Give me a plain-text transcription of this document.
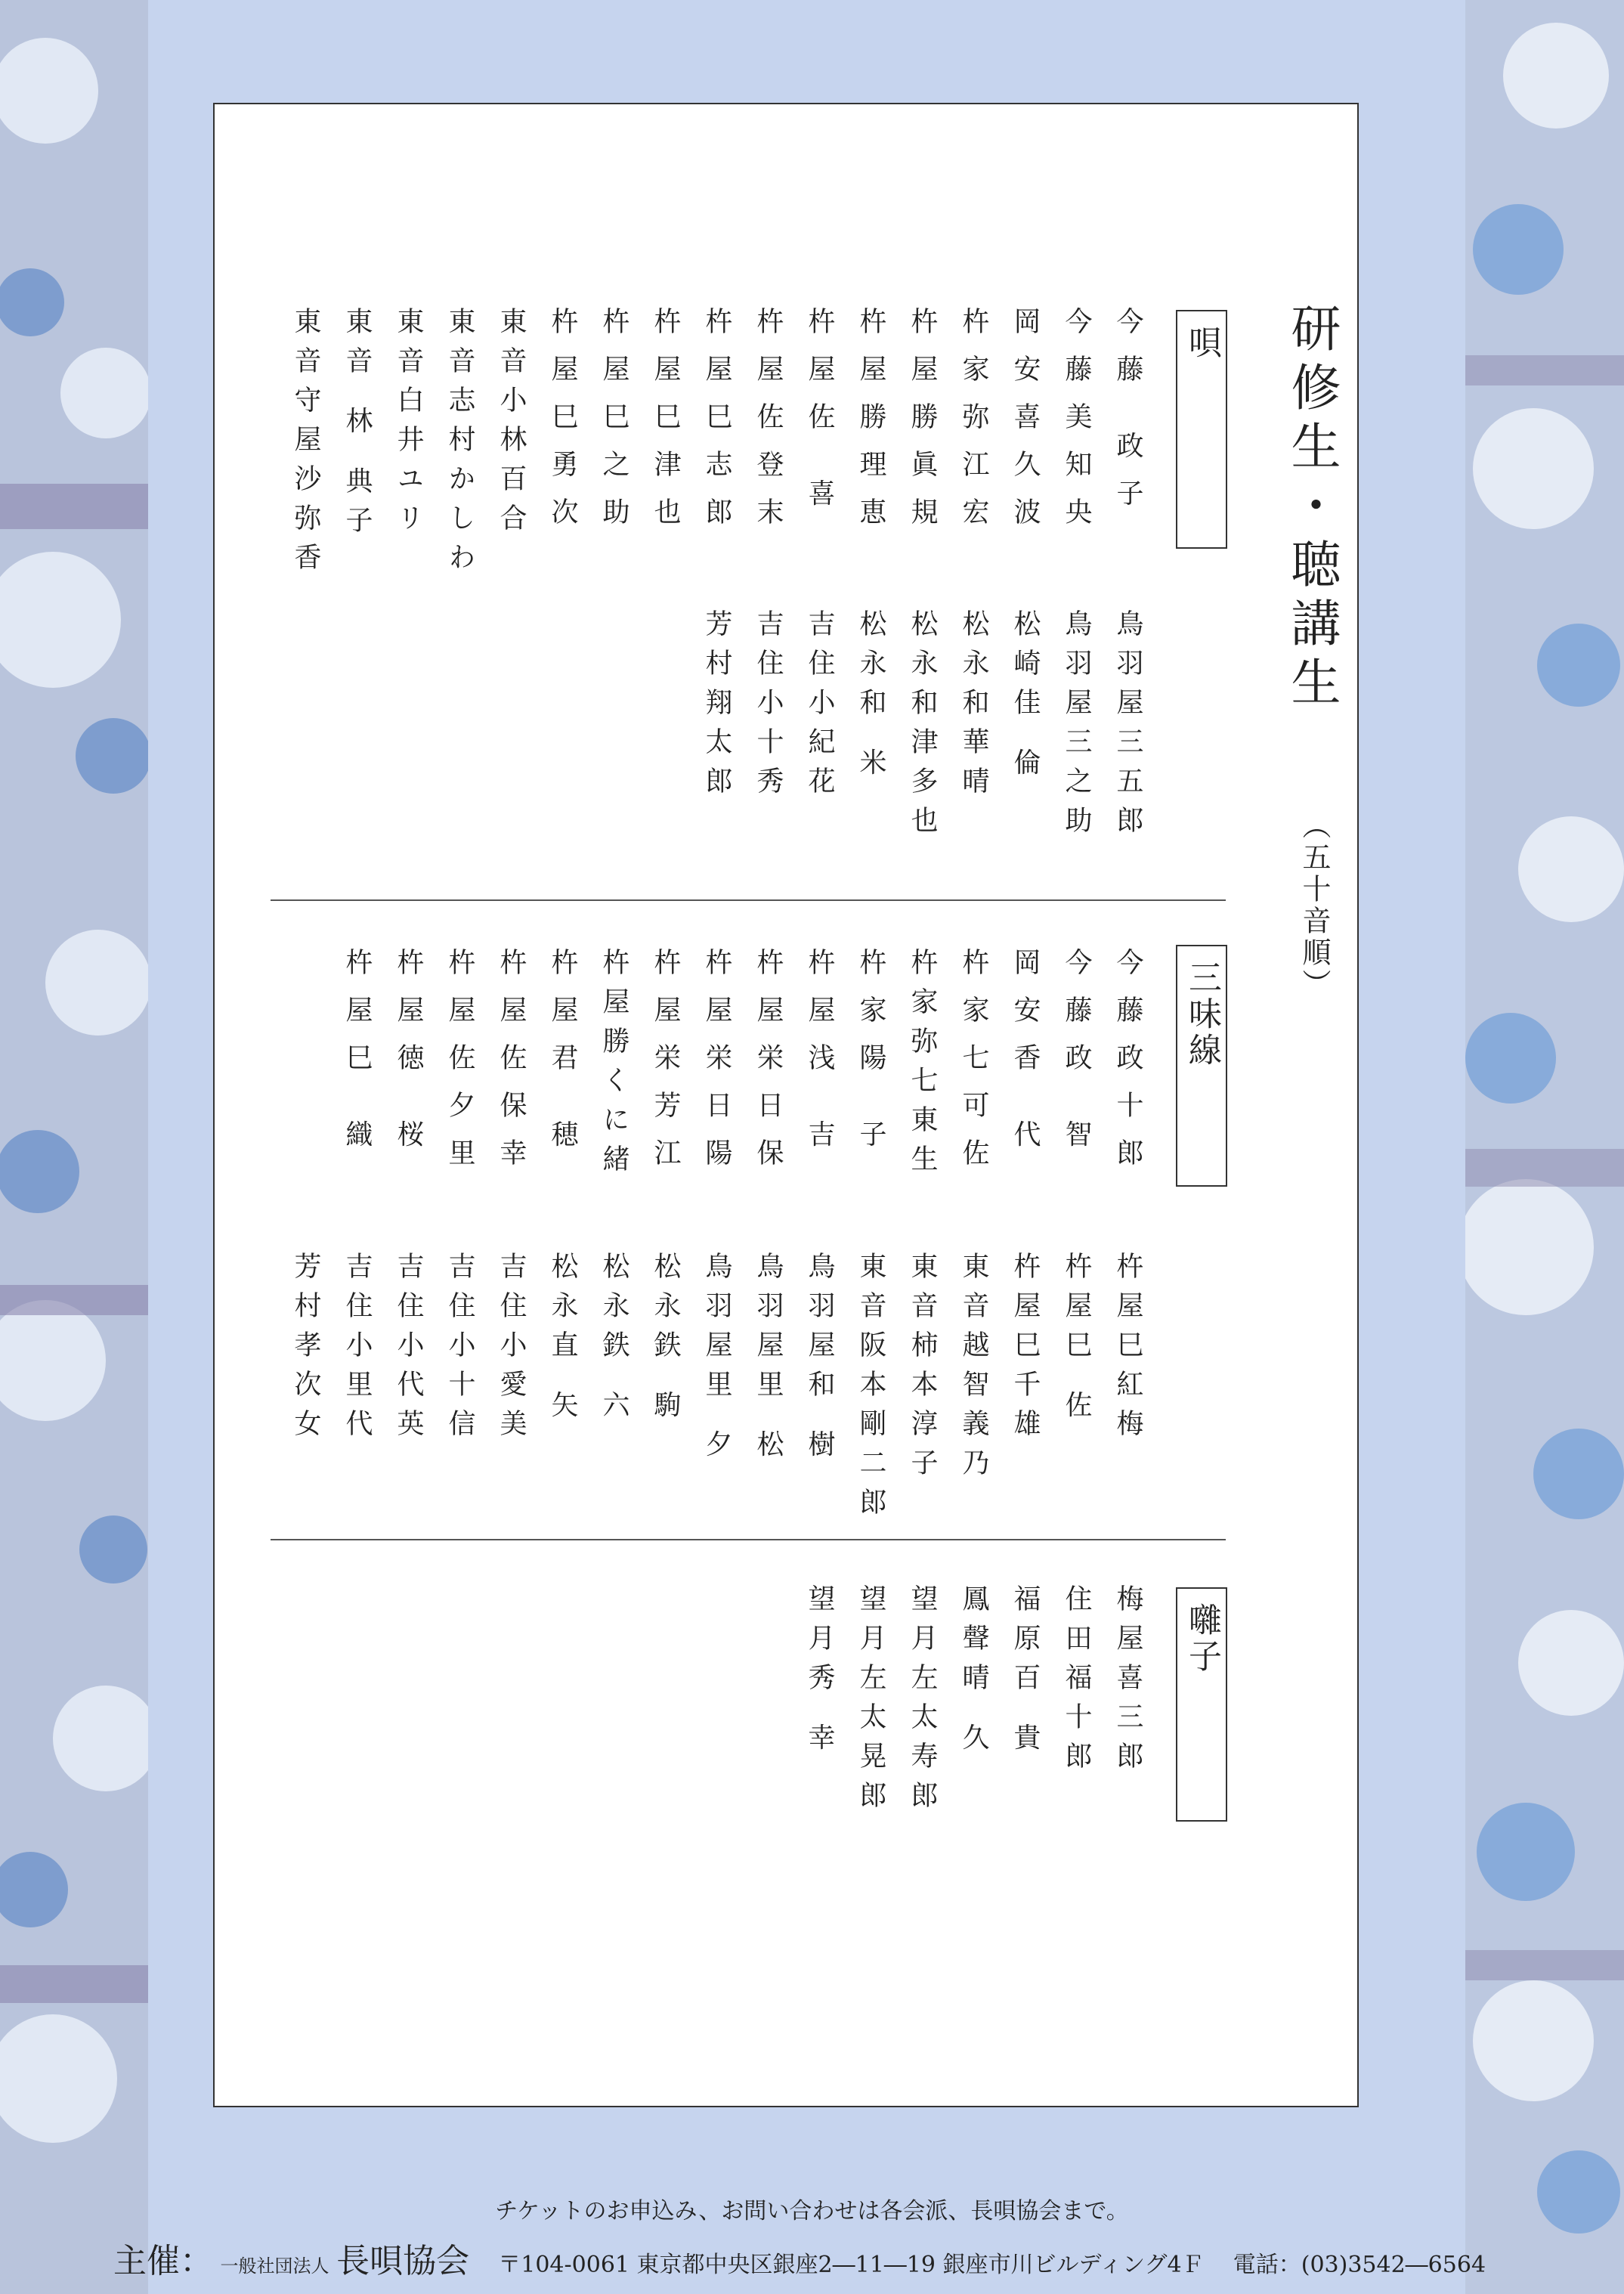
研修生・聴講生
（五十音順）
唄
三味線
囃子
今藤 政子
今藤美知央
岡安喜久波
杵家弥江宏
杵屋勝眞規
杵屋勝理恵
杵屋佐 喜
杵屋佐登末
杵屋巳志郎
杵屋巳津也
杵屋巳之助
杵屋巳勇次
東音小林百合
東音志村かしわ
東音白井ユリ
東音 林 典子
東音守屋沙弥香
鳥羽屋三五郎
鳥羽屋三之助
松崎佳 倫
松永和華晴
松永和津多也
松永和 米
吉住小紀花
吉住小十秀
芳村翔太郎
今藤政十郎
今藤政 智
岡安香 代
杵家七可佐
杵家弥七東生
杵家陽 子
杵屋浅 吉
杵屋栄日保
杵屋栄日陽
杵屋栄芳江
杵屋勝くに緒
杵屋君 穂
杵屋佐保幸
杵屋佐夕里
杵屋徳 桜
杵屋巳 織
杵屋巳紅梅
杵屋巳 佐
杵屋巳千雄
東音越智義乃
東音柿本淳子
東音阪本剛二郎
鳥羽屋和 樹
鳥羽屋里 松
鳥羽屋里 夕
松永鉄 駒
松永鉄 六
松永直 矢
吉住小愛美
吉住小十信
吉住小代英
吉住小里代
芳村孝次女
梅屋喜三郎
住田福十郎
福原百 貴
鳳聲晴 久
望月左太寿郎
望月左太晃郎
望月秀 幸
チケットのお申込み、お問い合わせは各会派、長唄協会まで。
主催： 一般社団法人 長唄協会 〒104-0061 東京都中央区銀座2―11―19 銀座市川ビルディング4Ｆ 電話：(03)3542―6564
